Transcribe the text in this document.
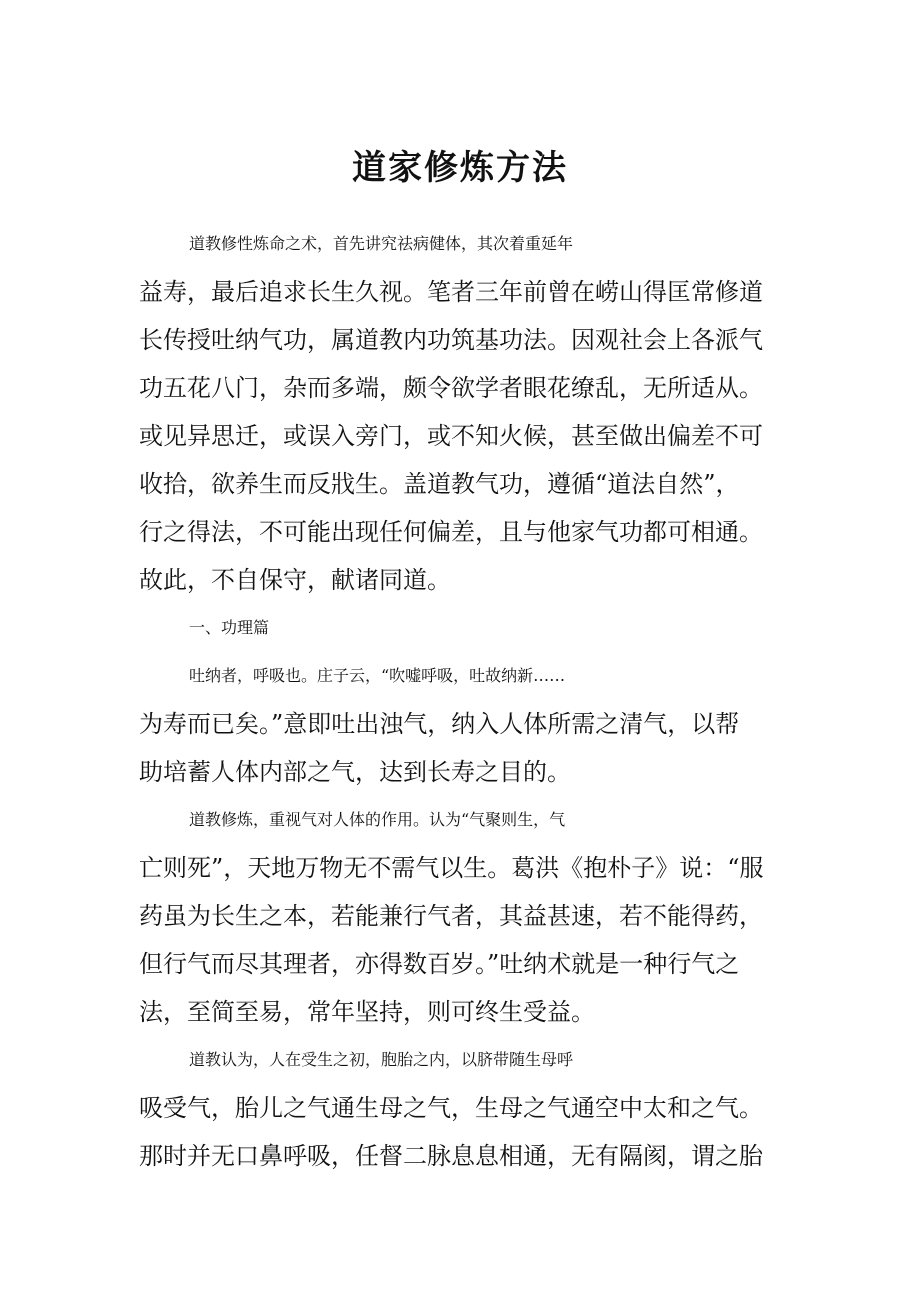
道家修炼方法
道教修性炼命之术，首先讲究祛病健体，其次着重延年
益寿，最后追求长生久视。笔者三年前曾在崂山得匡常修道
长传授吐纳气功，属道教内功筑基功法。因观社会上各派气
功五花八门，杂而多端，颇令欲学者眼花缭乱，无所适从。
或见异思迁，或误入旁门，或不知火候，甚至做出偏差不可
收拾，欲养生而反戕生。盖道教气功，遵循“道法自然”，
行之得法，不可能出现任何偏差，且与他家气功都可相通。
故此，不自保守，献诸同道。
一、功理篇
吐纳者，呼吸也。庄子云，“吹嘘呼吸，吐故纳新……
为寿而已矣。”意即吐出浊气，纳入人体所需之清气，以帮
助培蓄人体内部之气，达到长寿之目的。
道教修炼，重视气对人体的作用。认为“气聚则生，气
亡则死”，天地万物无不需气以生。葛洪《抱朴子》说：“服
药虽为长生之本，若能兼行气者，其益甚速，若不能得药，
但行气而尽其理者，亦得数百岁。”吐纳术就是一种行气之
法，至简至易，常年坚持，则可终生受益。
道教认为，人在受生之初，胞胎之内，以脐带随生母呼
吸受气，胎儿之气通生母之气，生母之气通空中太和之气。
那时并无口鼻呼吸，任督二脉息息相通，无有隔阂，谓之胎
